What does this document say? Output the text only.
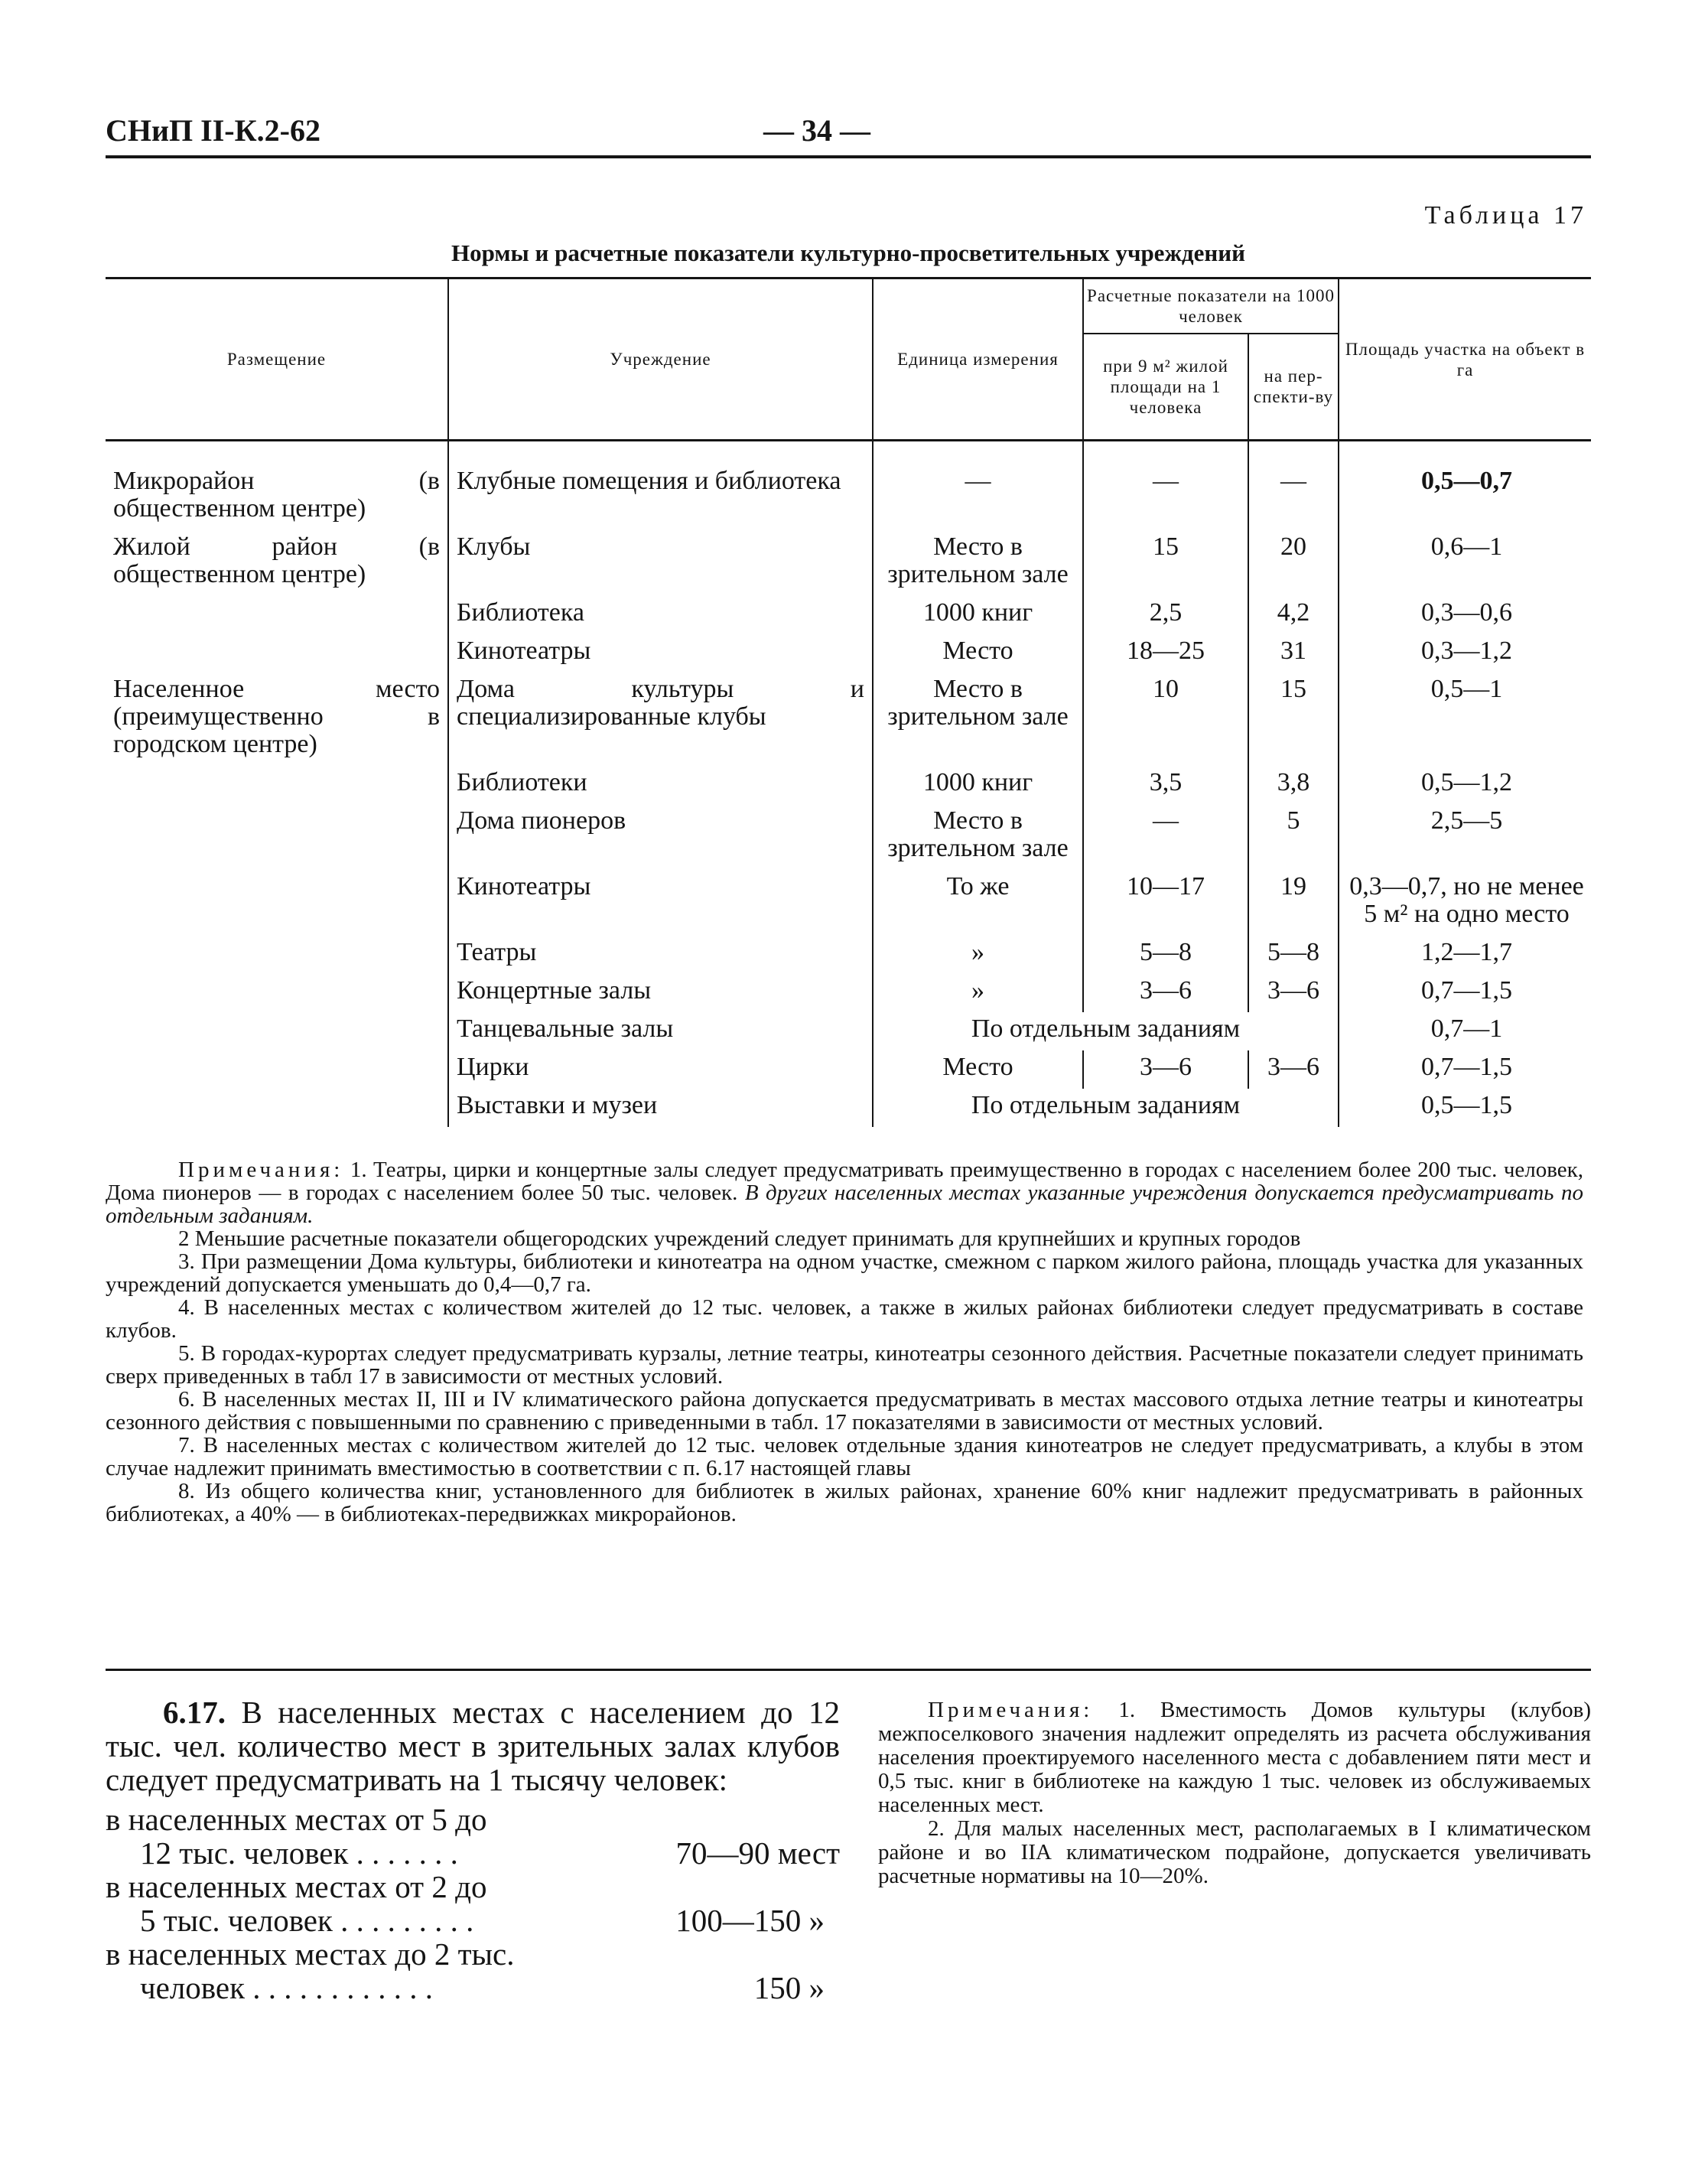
СНиП II-К.2-62	— 34 —
Таблица 17
Нормы и расчетные показатели культурно-просветительных учреждений
Размещение	Учреждение	Единица измерения	Расчетные показатели на 1000 человек		Площадь участка на объект в га
			при 9 м² жилой площади на 1 человека	на пер-спекти-ву	
Микрорайон (в общественном центре)	Клубные помещения и библиотека	—	—	—	0,5—0,7
Жилой район (в общественном центре)	Клубы	Место в зрительном зале	15	20	0,6—1
	Библиотека	1000 книг	2,5	4,2	0,3—0,6
	Кинотеатры	Место	18—25	31	0,3—1,2
Населенное место (преимущественно в городском центре)	Дома культуры и специализированные клубы	Место в зрительном зале	10	15	0,5—1
	Библиотеки	1000 книг	3,5	3,8	0,5—1,2
	Дома пионеров	Место в зрительном зале	—	5	2,5—5
	Кинотеатры	То же	10—17	19	0,3—0,7, но не менее 5 м² на одно место
	Театры	»	5—8	5—8	1,2—1,7
	Концертные залы	»	3—6	3—6	0,7—1,5
	Танцевальные залы	По отдельным заданиям			0,7—1
	Цирки	Место	3—6	3—6	0,7—1,5
	Выставки и музеи	По отдельным заданиям			0,5—1,5

Примечания: 1. Театры, цирки и концертные залы следует предусматривать преимущественно в городах с населением более 200 тыс. человек, Дома пионеров — в городах с населением более 50 тыс. человек. В других населенных местах указанные учреждения допускается предусматривать по отдельным заданиям.

2 Меньшие расчетные показатели общегородских учреждений следует принимать для крупнейших и крупных городов

3. При размещении Дома культуры, библиотеки и кинотеатра на одном участке, смежном с парком жилого района, площадь участка для указанных учреждений допускается уменьшать до 0,4—0,7 га.

4. В населенных местах с количеством жителей до 12 тыс. человек, а также в жилых районах библиотеки следует предусматривать в составе клубов.

5. В городах-курортах следует предусматривать курзалы, летние театры, кинотеатры сезонного действия. Расчетные показатели следует принимать сверх приведенных в табл 17 в зависимости от местных условий.

6. В населенных местах II, III и IV климатического района допускается предусматривать в местах массового отдыха летние театры и кинотеатры сезонного действия с повышенными по сравнению с приведенными в табл. 17 показателями в зависимости от местных условий.

7. В населенных местах с количеством жителей до 12 тыс. человек отдельные здания кинотеатров не следует предусматривать, а клубы в этом случае надлежит принимать вместимостью в соответствии с п. 6.17 настоящей главы

8. Из общего количества книг, установленного для библиотек в жилых районах, хранение 60% книг надлежит предусматривать в районных библиотеках, а 40% — в библиотеках-передвижках микрорайонов.

6.17. В населенных местах с населением до 12 тыс. чел. количество мест в зрительных залах клубов следует предусматривать на 1 тысячу человек:

в населенных местах от 5 до
12 тыс. человек . . . . . . .	70—90 мест
в населенных местах от 2 до
5 тыс. человек . . . . . . . . .	100—150 »
в населенных местах до 2 тыс.
человек . . . . . . . . . . . .	150 »

Примечания: 1. Вместимость Домов культуры (клубов) межпоселкового значения надлежит определять из расчета обслуживания населения проектируемого населенного места с добавлением пяти мест и 0,5 тыс. книг в библиотеке на каждую 1 тыс. человек из обслуживаемых населенных мест.

2. Для малых населенных мест, располагаемых в I климатическом районе и во IIА климатическом подрайоне, допускается увеличивать расчетные нормативы на 10—20%.
